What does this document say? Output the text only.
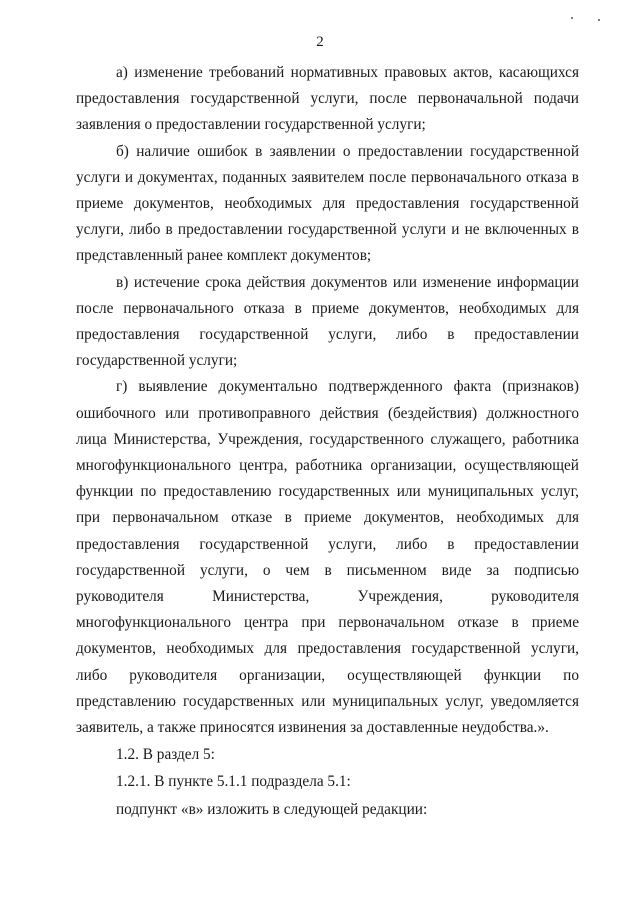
2

а) изменение требований нормативных правовых актов, касающихся предоставления государственной услуги, после первоначальной подачи заявления о предоставлении государственной услуги;

б) наличие ошибок в заявлении о предоставлении государственной услуги и документах, поданных заявителем после первоначального отказа в приеме документов, необходимых для предоставления государственной услуги, либо в предоставлении государственной услуги и не включенных в представленный ранее комплект документов;

в) истечение срока действия документов или изменение информации после первоначального отказа в приеме документов, необходимых для предоставления государственной услуги, либо в предоставлении государственной услуги;

г) выявление документально подтвержденного факта (признаков) ошибочного или противоправного действия (бездействия) должностного лица Министерства, Учреждения, государственного служащего, работника многофункционального центра, работника организации, осуществляющей функции по предоставлению государственных или муниципальных услуг, при первоначальном отказе в приеме документов, необходимых для предоставления государственной услуги, либо в предоставлении государственной услуги, о чем в письменном виде за подписью руководителя Министерства, Учреждения, руководителя многофункционального центра при первоначальном отказе в приеме документов, необходимых для предоставления государственной услуги, либо руководителя организации, осуществляющей функции по представлению государственных или муниципальных услуг, уведомляется заявитель, а также приносятся извинения за доставленные неудобства.».

1.2. В раздел 5:

1.2.1. В пункте 5.1.1 подраздела 5.1:

подпункт «в» изложить в следующей редакции:
